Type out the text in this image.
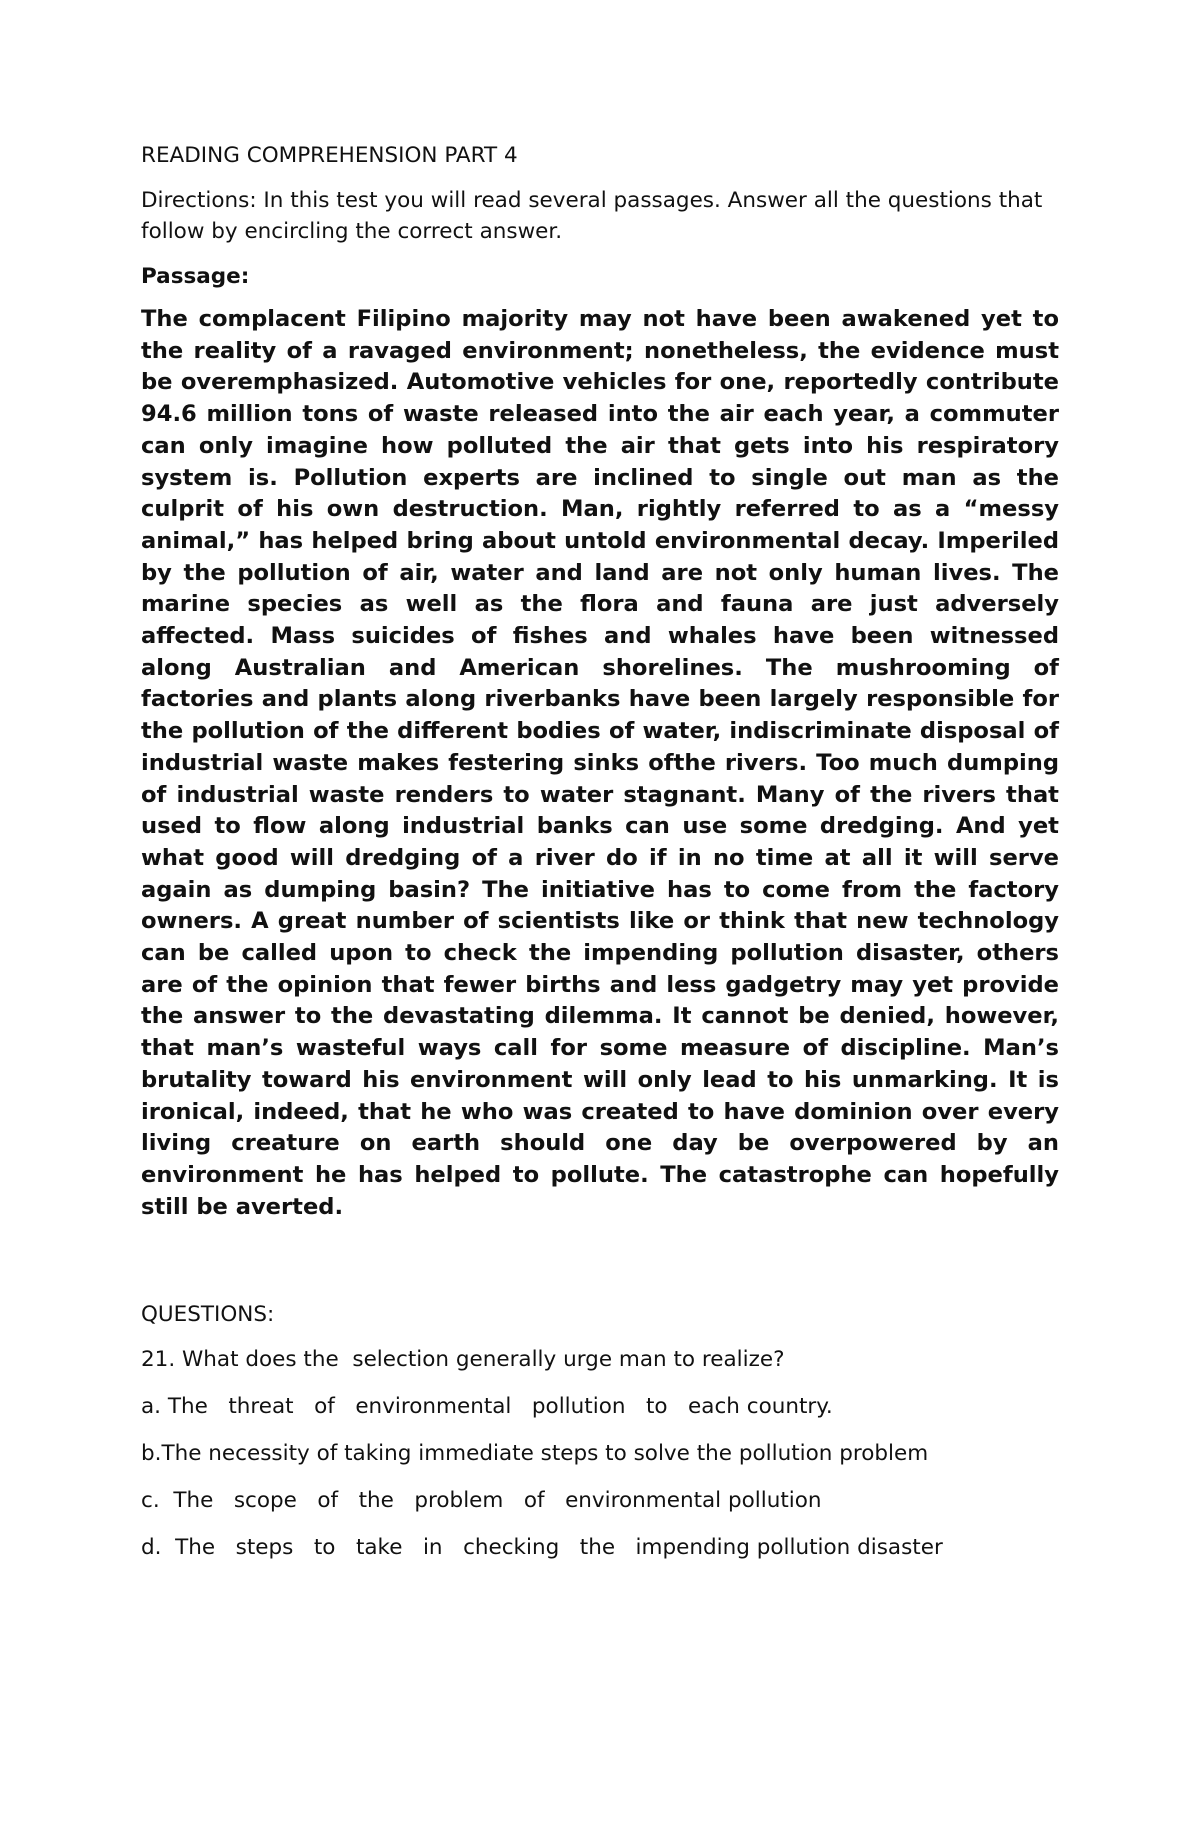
READING COMPREHENSION PART 4

Directions: In this test you will read several passages. Answer all the questions that follow by encircling the correct answer.

Passage:

The complacent Filipino majority may not have been awakened yet to the reality of a ravaged environment; nonetheless, the evidence must be overemphasized. Automotive vehicles for one, reportedly contribute 94.6 million tons of waste released into the air each year, a commuter can only imagine how polluted the air that gets into his respiratory system is. Pollution experts are inclined to single out man as the culprit of his own destruction. Man, rightly referred to as a “messy animal,” has helped bring about untold environmental decay. Imperiled by the pollution of air, water and land are not only human lives. The marine species as well as the flora and fauna are just adversely affected. Mass suicides of fishes and whales have been witnessed along Australian and American shorelines. The mushrooming of factories and plants along riverbanks have been largely responsible for the pollution of the different bodies of water, indiscriminate disposal of industrial waste makes festering sinks ofthe rivers. Too much dumping of industrial waste renders to water stagnant. Many of the rivers that used to flow along industrial banks can use some dredging. And yet what good will dredging of a river do if in no time at all it will serve again as dumping basin? The initiative has to come from the factory owners. A great number of scientists like or think that new technology can be called upon to check the impending pollution disaster, others are of the opinion that fewer births and less gadgetry may yet provide the answer to the devastating dilemma. It cannot be denied, however, that man’s wasteful ways call for some measure of discipline. Man’s brutality toward his environment will only lead to his unmarking. It is ironical, indeed, that he who was created to have dominion over every living creature on earth should one day be overpowered by an environment he has helped to pollute. The catastrophe can hopefully still be averted.

QUESTIONS:

21. What does the  selection generally urge man to realize?

a. The   threat   of   environmental   pollution   to   each country.

b.The necessity of taking immediate steps to solve the pollution problem

c. The   scope   of   the   problem   of   environmental pollution

d. The   steps   to   take   in   checking   the   impending pollution disaster
